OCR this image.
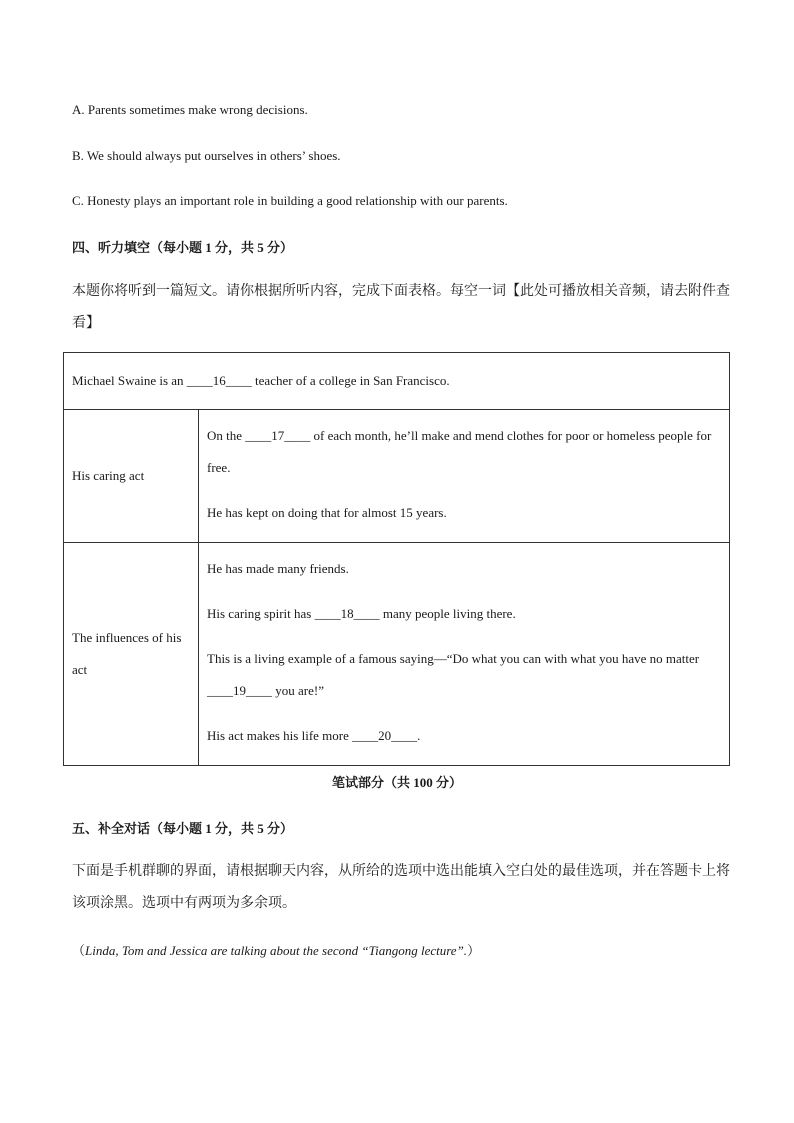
A. Parents sometimes make wrong decisions.
B. We should always put ourselves in others’ shoes.
C. Honesty plays an important role in building a good relationship with our parents.
四、听力填空（每小题 1 分，共 5 分）
本题你将听到一篇短文。请你根据所听内容，完成下面表格。每空一词【此处可播放相关音频，请去附件查看】
Michael Swaine is an ____16____ teacher of a college in San Francisco.	
His caring act	On the ____17____ of each month, he’ll make and mend clothes for poor or homeless people for free.

He has kept on doing that for almost 15 years.

The influences of his act	He has made many friends.

His caring spirit has ____18____ many people living there.

This is a living example of a famous saying—“Do what you can with what you have no matter ____19____ you are!”

His act makes his life more ____20____.

笔试部分（共 100 分）
五、补全对话（每小题 1 分，共 5 分）
下面是手机群聊的界面，请根据聊天内容，从所给的选项中选出能填入空白处的最佳选项，并在答题卡上将该项涂黑。选项中有两项为多余项。
（Linda, Tom and Jessica are talking about the second “Tiangong lecture”.）
